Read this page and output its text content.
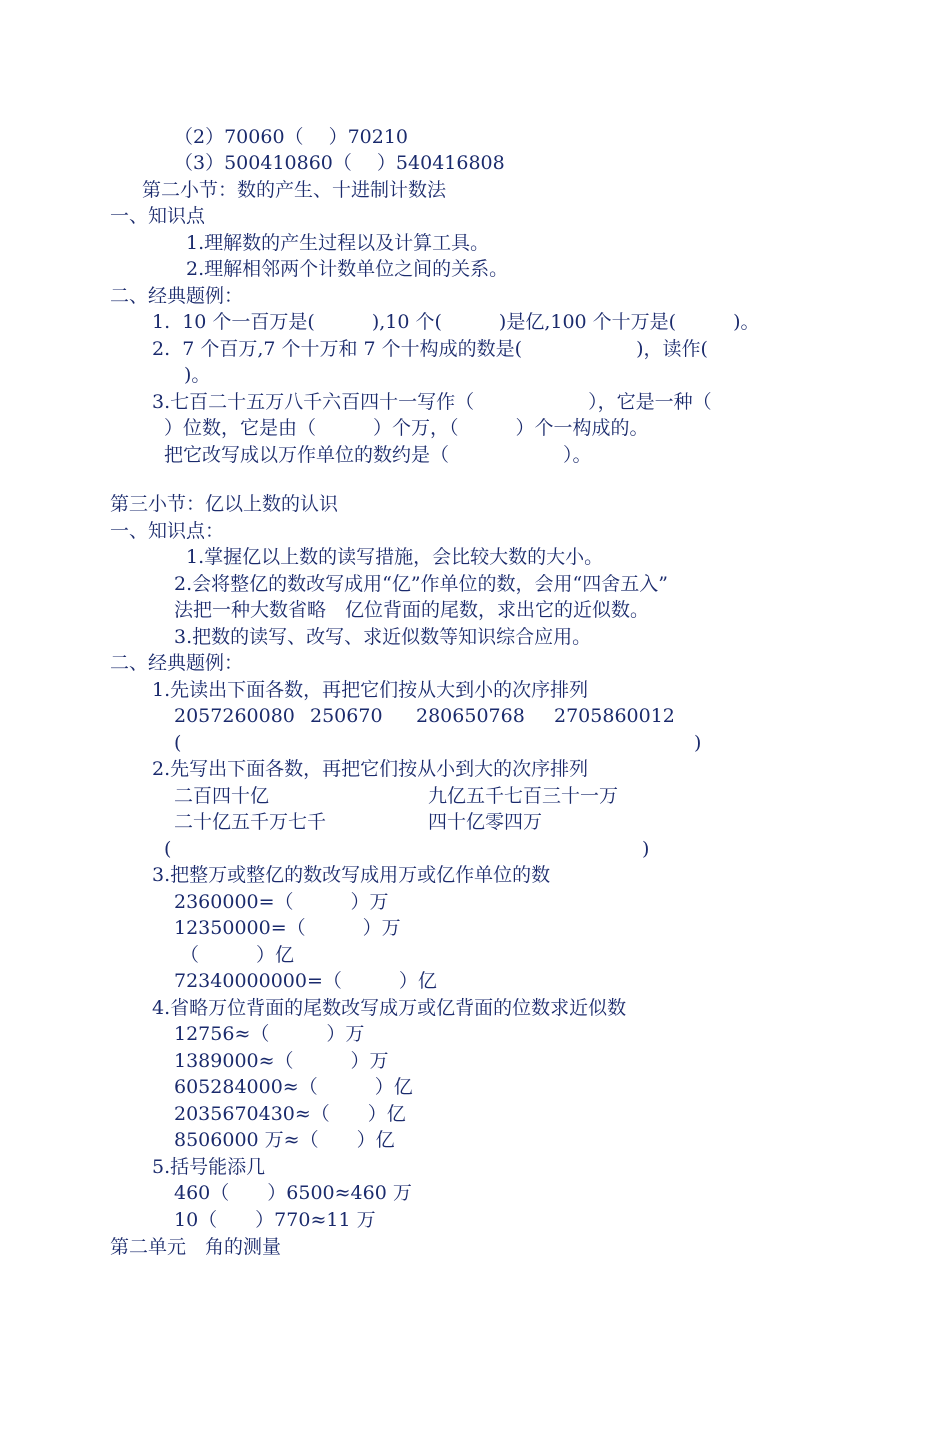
（2）70060（　 ）70210
（3）500410860（　 ）540416808
第二小节：数的产生、十进制计数法
一、知识点
1.理解数的产生过程以及计算工具。
2.理解相邻两个计数单位之间的关系。
二、经典题例：
1.  10 个一百万是(　　　),10 个(　　　)是亿,100 个十万是(　　　)。
2.  7 个百万,7 个十万和 7 个十构成的数是(　　　　　　)，读作(
)。
3.七百二十五万八千六百四十一写作（　　　　　　），它是一种（
）位数，它是由（　　　）个万，（　　　）个一构成的。
把它改写成以万作单位的数约是（　　　　　　）。
第三小节：亿以上数的认识
一、知识点：
1.掌握亿以上数的读写措施，会比较大数的大小。
2.会将整亿的数改写成用“亿”作单位的数，会用“四舍五入”
法把一种大数省略　亿位背面的尾数，求出它的近似数。
3.把数的读写、改写、求近似数等知识综合应用。
二、经典题例：
1.先读出下面各数，再把它们按从大到小的次序排列
2057260080 250670 280650768 2705860012
(	)
2.先写出下面各数，再把它们按从小到大的次序排列
二百四十亿	九亿五千七百三十一万
二十亿五千万七千	四十亿零四万
(	)
3.把整万或整亿的数改写成用万或亿作单位的数
2360000=（　　　）万
12350000=（　　　）万
（　　　）亿
72340000000=（　　　）亿
4.省略万位背面的尾数改写成万或亿背面的位数求近似数
12756≈（　　　）万
1389000≈（　　　）万
605284000≈（　　　）亿
2035670430≈（　　）亿
8506000 万≈（　　）亿
5.括号能添几
460（　　）6500≈460 万
10（　　）770≈11 万
第二单元　角的测量
